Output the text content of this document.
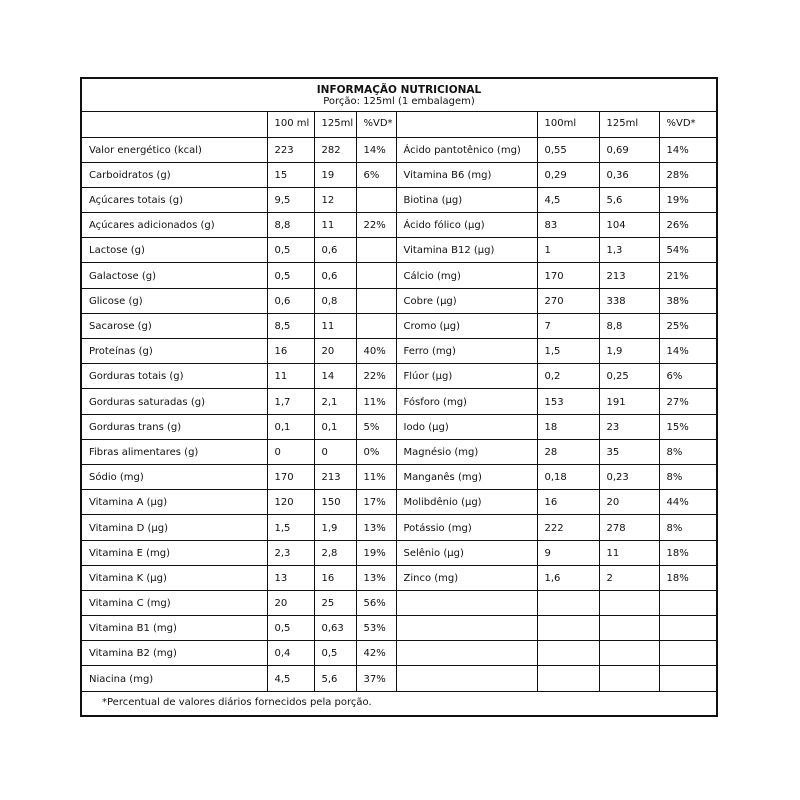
INFORMAÇÃO NUTRICIONAL
Porção: 125ml (1 embalagem)

	100 ml	125ml	%VD*		100ml	125ml	%VD*

Valor energético (kcal)	223	282	14%	Ácido pantotênico (mg)	0,55	0,69	14%

Carboidratos (g)	15	19	6%	Vitamina B6 (mg)	0,29	0,36	28%

Açúcares totais (g)	9,5	12		Biotina (μg)	4,5	5,6	19%

Açúcares adicionados (g)	8,8	11	22%	Ácido fólico (μg)	83	104	26%

Lactose (g)	0,5	0,6		Vitamina B12 (μg)	1	1,3	54%

Galactose (g)	0,5	0,6		Cálcio (mg)	170	213	21%

Glicose (g)	0,6	0,8		Cobre (μg)	270	338	38%

Sacarose (g)	8,5	11		Cromo (μg)	7	8,8	25%

Proteínas (g)	16	20	40%	Ferro (mg)	1,5	1,9	14%

Gorduras totais (g)	11	14	22%	Flúor (μg)	0,2	0,25	6%

Gorduras saturadas (g)	1,7	2,1	11%	Fósforo (mg)	153	191	27%

Gorduras trans (g)	0,1	0,1	5%	Iodo (μg)	18	23	15%

Fibras alimentares (g)	0	0	0%	Magnésio (mg)	28	35	8%

Sódio (mg)	170	213	11%	Manganês (mg)	0,18	0,23	8%

Vitamina A (μg)	120	150	17%	Molibdênio (μg)	16	20	44%

Vitamina D (μg)	1,5	1,9	13%	Potássio (mg)	222	278	8%

Vitamina E (mg)	2,3	2,8	19%	Selênio (μg)	9	11	18%

Vitamina K (μg)	13	16	13%	Zinco (mg)	1,6	2	18%

Vitamina C (mg)	20	25	56%				

Vitamina B1 (mg)	0,5	0,63	53%				

Vitamina B2 (mg)	0,4	0,5	42%				

Niacina (mg)	4,5	5,6	37%				

*Percentual de valores diários fornecidos pela porção.
